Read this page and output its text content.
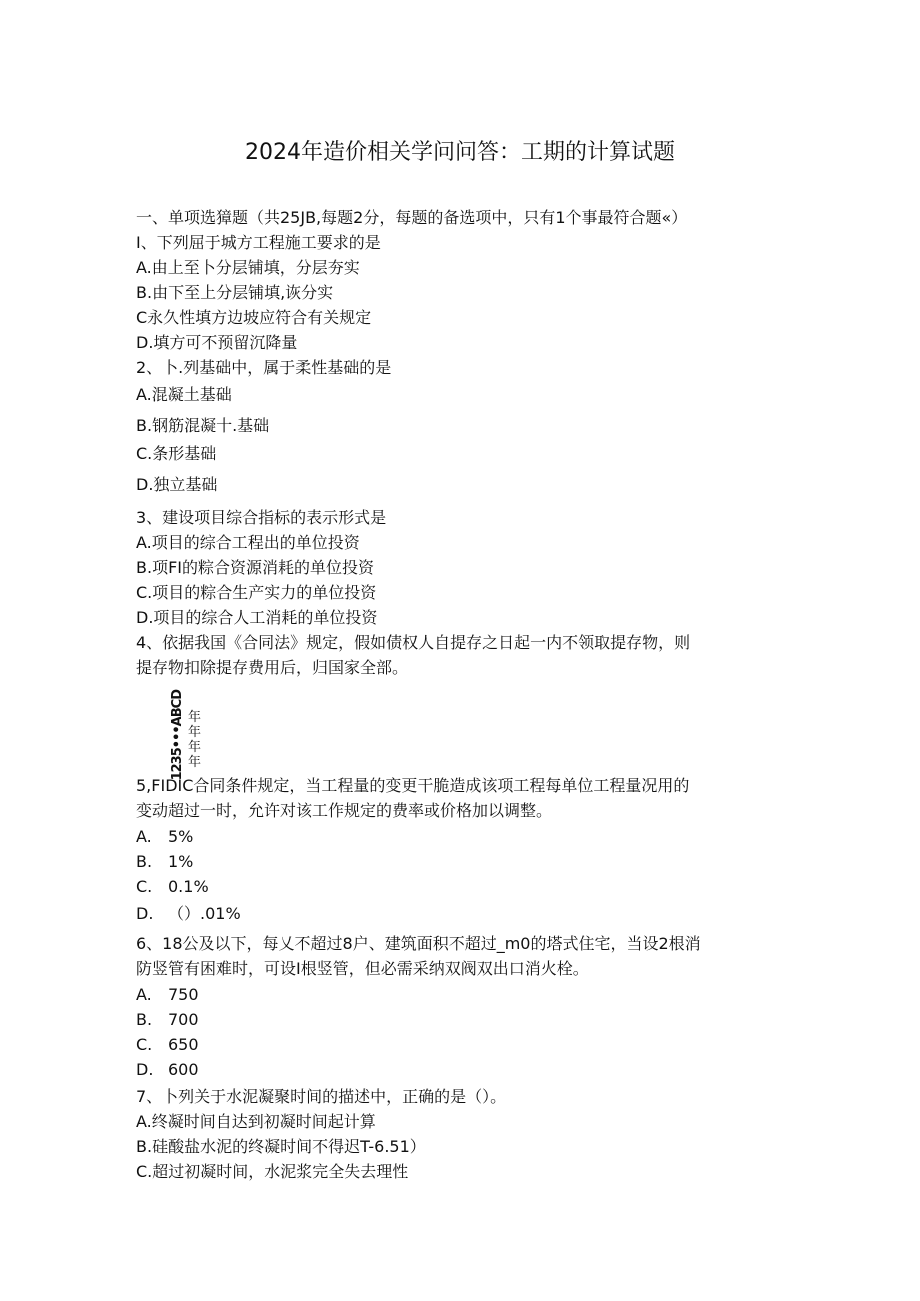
2024年造价相关学问问答：工期的计算试题
一、单项选獐题（共25JB,每题2分，每题的备选项中，只有1个事最符合题«）
I、下列屈于城方工程施工要求的是
A.由上至卜分层铺填，分层夯实
B.由下至上分层铺填,诙分实
C永久性填方边坡应符合有关规定
D.填方可不预留沉降量
2、卜.列基础中，属于柔性基础的是
A.混凝土基础
B.钢筋混凝十.基础
C.条形基础
D.独立基础
3、建设项目综合指标的表示形式是
A.项目的综合工程出的单位投资
B.项FI的粽合资源消耗的单位投资
C.项目的粽合生产实力的单位投资
D.项目的综合人工消耗的单位投资
4、依据我国《合同法》规定，假如债权人自提存之日起一内不领取提存物，则
提存物扣除提存费用后，归国家全部。
1235•••ABCD 年
年
年
年
5,FIDIC合同条件规定，当工程量的变更干脆造成该项工程每单位工程量况用的
变动超过一时，允许对该工作规定的费率或价格加以调整。
A. 5%
B. 1%
C. 0.1%
D. （）.01%
6、18公及以下，每乂不超过8户、建筑面积不超过_m0的塔式住宅，当设2根消
防竖管有困难时，可设I根竖管，但必需采纳双阀双出口消火栓。
A. 750
B. 700
C. 650
D. 600
7、卜列关于水泥凝聚时间的描述中，正确的是（）。
A.终凝时间自达到初凝时间起计算
B.硅酸盐水泥的终凝时间不得迟T-6.51）
C.超过初凝时间，水泥浆完全失去理性
